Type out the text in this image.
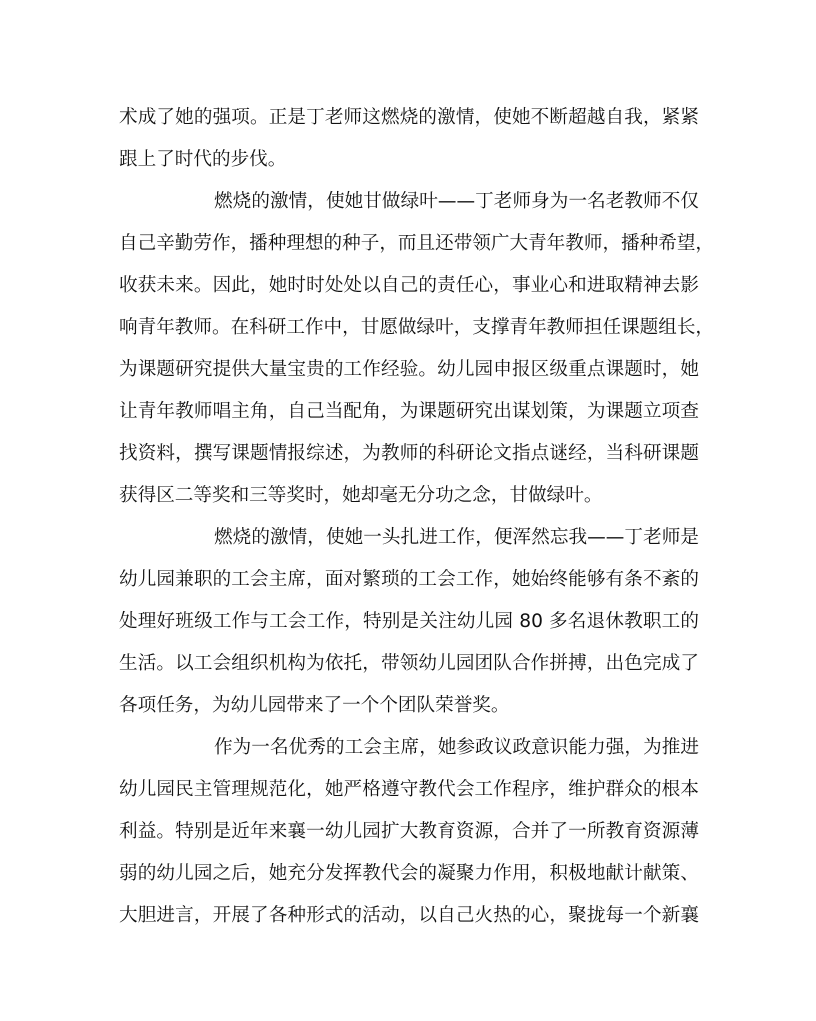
术成了她的强项。正是丁老师这燃烧的激情，使她不断超越自我，紧紧
跟上了时代的步伐。
燃烧的激情，使她甘做绿叶——丁老师身为一名老教师不仅
自己辛勤劳作，播种理想的种子，而且还带领广大青年教师，播种希望，
收获未来。因此，她时时处处以自己的责任心，事业心和进取精神去影
响青年教师。在科研工作中，甘愿做绿叶，支撑青年教师担任课题组长，
为课题研究提供大量宝贵的工作经验。幼儿园申报区级重点课题时，她
让青年教师唱主角，自己当配角，为课题研究出谋划策，为课题立项查
找资料，撰写课题情报综述，为教师的科研论文指点谜经，当科研课题
获得区二等奖和三等奖时，她却毫无分功之念，甘做绿叶。
燃烧的激情，使她一头扎进工作，便浑然忘我——丁老师是
幼儿园兼职的工会主席，面对繁琐的工会工作，她始终能够有条不紊的
处理好班级工作与工会工作，特别是关注幼儿园 80 多名退休教职工的
生活。以工会组织机构为依托，带领幼儿园团队合作拼搏，出色完成了
各项任务，为幼儿园带来了一个个团队荣誉奖。
作为一名优秀的工会主席，她参政议政意识能力强，为推进
幼儿园民主管理规范化，她严格遵守教代会工作程序，维护群众的根本
利益。特别是近年来襄一幼儿园扩大教育资源，合并了一所教育资源薄
弱的幼儿园之后，她充分发挥教代会的凝聚力作用，积极地献计献策、
大胆进言，开展了各种形式的活动，以自己火热的心，聚拢每一个新襄
